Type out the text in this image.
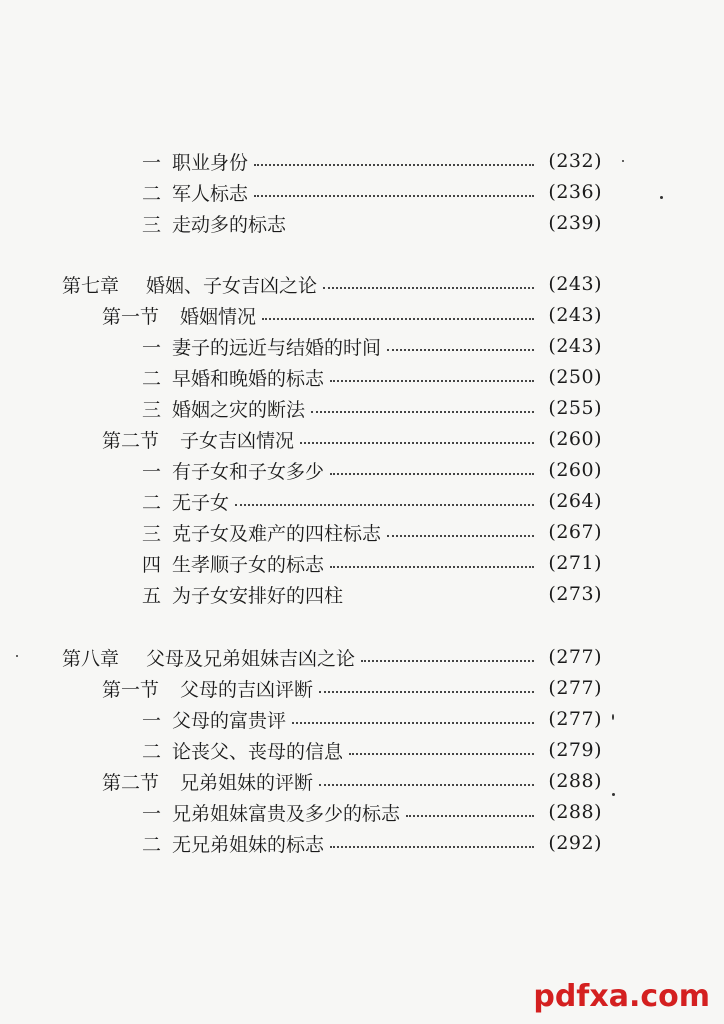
一 职业身份	(232)
二 军人标志	(236)
三 走动多的标志	(239)
第七章	婚姻、子女吉凶之论	(243)
第一节	婚姻情况	(243)
一 妻子的远近与结婚的时间	(243)
二 早婚和晚婚的标志	(250)
三 婚姻之灾的断法	(255)
第二节	子女吉凶情况	(260)
一 有子女和子女多少	(260)
二 无子女	(264)
三 克子女及难产的四柱标志	(267)
四 生孝顺子女的标志	(271)
五 为子女安排好的四柱	(273)
第八章	父母及兄弟姐妹吉凶之论	(277)
第一节	父母的吉凶评断	(277)
一 父母的富贵评	(277)
二 论丧父、丧母的信息	(279)
第二节	兄弟姐妹的评断	(288)
一 兄弟姐妹富贵及多少的标志	(288)
二 无兄弟姐妹的标志	(292)
pdfxa.com
